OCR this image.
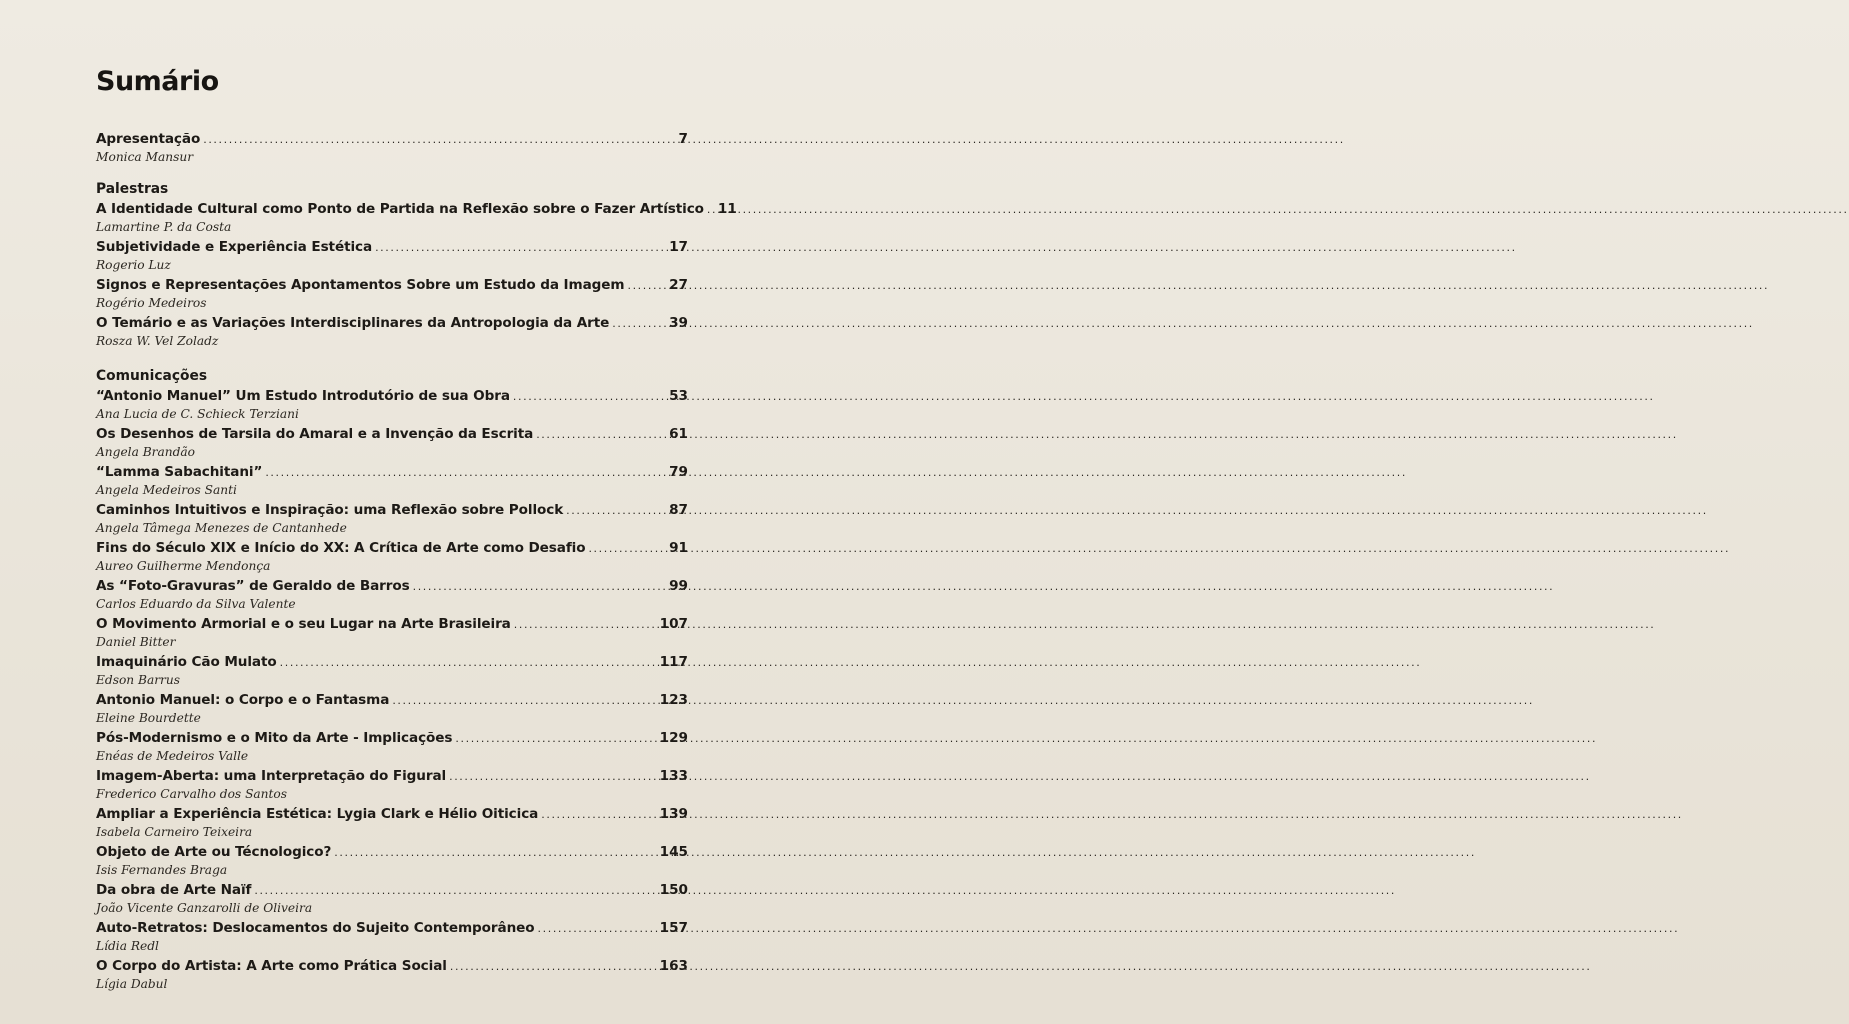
Sumário
Apresentação .....	7

Monica Mansur

Palestras
A Identidade Cultural como Ponto de Partida na Reflexão sobre o Fazer Artístico ..... 11

Lamartine P. da Costa

Subjetividade e Experiência Estética .....	17

Rogerio Luz

Signos e Representações Apontamentos Sobre um Estudo da Imagem .....	27

Rogério Medeiros

O Temário e as Variações Interdisciplinares da Antropologia da Arte .....	39

Rosza W. Vel Zoladz

Comunicações
“Antonio Manuel” Um Estudo Introdutório de sua Obra .....	53

Ana Lucia de C. Schieck Terziani

Os Desenhos de Tarsila do Amaral e a Invenção da Escrita .....	61

Angela Brandão

“Lamma Sabachitani” .....	79

Angela Medeiros Santi

Caminhos Intuitivos e Inspiração: uma Reflexão sobre Pollock .....	87

Angela Tâmega Menezes de Cantanhede

Fins do Século XIX e Início do XX: A Crítica de Arte como Desafio .....	91

Aureo Guilherme Mendonça

As “Foto-Gravuras” de Geraldo de Barros .....	99

Carlos Eduardo da Silva Valente

O Movimento Armorial e o seu Lugar na Arte Brasileira .....	107

Daniel Bitter

Imaquinário Cão Mulato .....	117

Edson Barrus

Antonio Manuel: o Corpo e o Fantasma .....	123

Eleine Bourdette

Pós-Modernismo e o Mito da Arte - Implicações .....	129

Enéas de Medeiros Valle

Imagem-Aberta: uma Interpretação do Figural .....	133

Frederico Carvalho dos Santos

Ampliar a Experiência Estética: Lygia Clark e Hélio Oiticica .....	139

Isabela Carneiro Teixeira

Objeto de Arte ou Técnologico? .....	145

Isis Fernandes Braga

Da obra de Arte Naïf .....	150

João Vicente Ganzarolli de Oliveira

Auto-Retratos: Deslocamentos do Sujeito Contemporâneo .....	157

Lídia Redl

O Corpo do Artista: A Arte como Prática Social .....	163

Lígia Dabul
